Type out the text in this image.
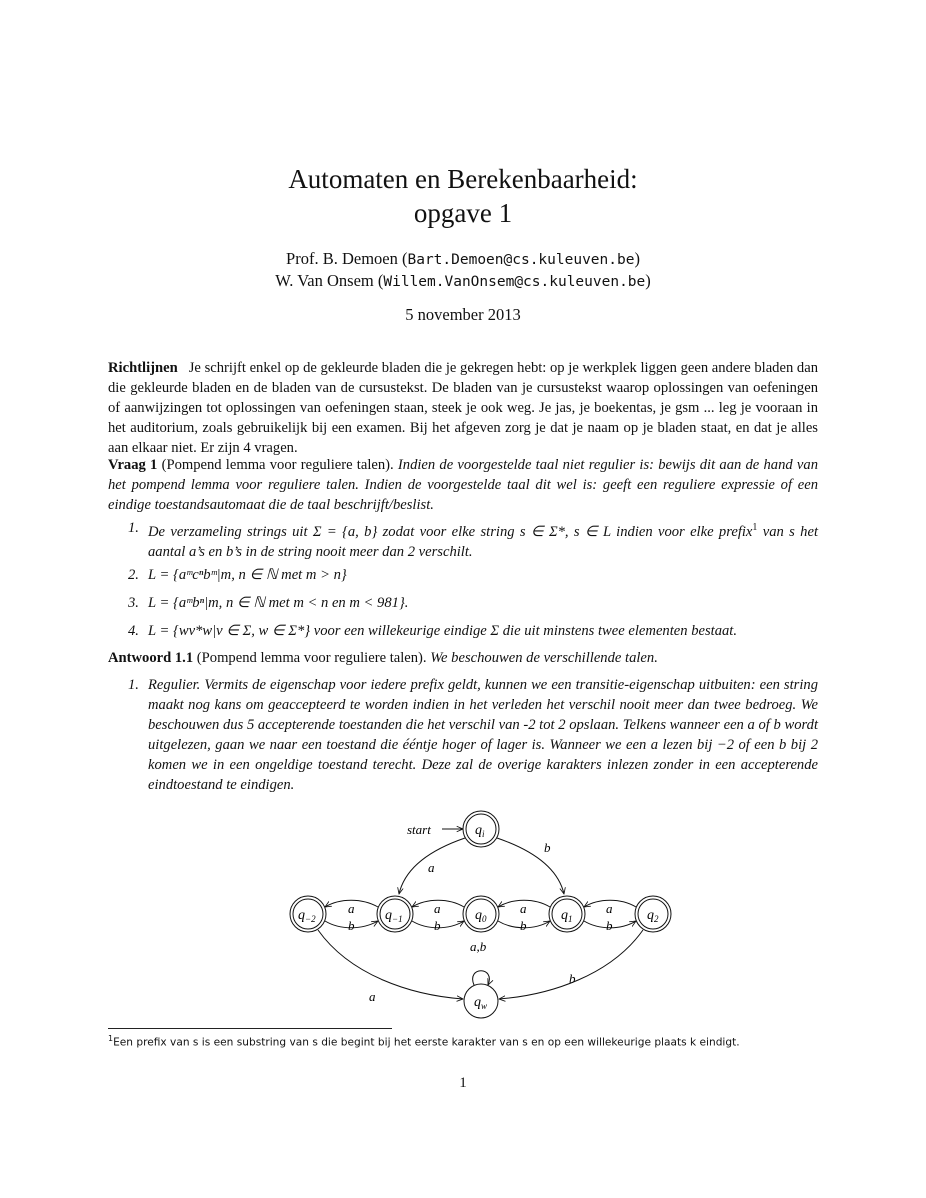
Automaten en Berekenbaarheid:
opgave 1
Prof. B. Demoen (Bart.Demoen@cs.kuleuven.be)
W. Van Onsem (Willem.VanOnsem@cs.kuleuven.be)
5 november 2013
Richtlijnen Je schrijft enkel op de gekleurde bladen die je gekregen hebt: op je werkplek liggen geen andere bladen dan die gekleurde bladen en de bladen van de cursustekst. De bladen van je cursustekst waarop oplossingen van oefeningen of aanwijzingen tot oplossingen van oefeningen staan, steek je ook weg. Je jas, je boekentas, je gsm ... leg je vooraan in het auditorium, zoals gebruikelijk bij een examen. Bij het afgeven zorg je dat je naam op je bladen staat, en dat je alles aan elkaar niet. Er zijn 4 vragen.
Vraag 1 (Pompend lemma voor reguliere talen). Indien de voorgestelde taal niet regulier is: bewijs dit aan de hand van het pompend lemma voor reguliere talen. Indien de voorgestelde taal dit wel is: geeft een reguliere expressie of een eindige toestandsautomaat die de taal beschrijft/beslist.
1. De verzameling strings uit Σ = {a, b} zodat voor elke string s ∈ Σ*, s ∈ L indien voor elke prefix$^1$ van s het aantal a’s en b’s in de string nooit meer dan 2 verschilt.
2. L = {aᵐcⁿbᵐ|m, n ∈ ℕ met m > n}
3. L = {aᵐbⁿ|m, n ∈ ℕ met m < n en m < 981}.
4. L = {wv*w|v ∈ Σ, w ∈ Σ*} voor een willekeurige eindige Σ die uit minstens twee elementen bestaat.
Antwoord 1.1 (Pompend lemma voor reguliere talen). We beschouwen de verschillende talen.
1. Regulier. Vermits de eigenschap voor iedere prefix geldt, kunnen we een transitie-eigenschap uitbuiten: een string maakt nog kans om geaccepteerd te worden indien in het verleden het verschil nooit meer dan twee bedroeg. We beschouwen dus 5 accepterende toestanden die het verschil van -2 tot 2 opslaan. Telkens wanneer een a of b wordt uitgelezen, gaan we naar een toestand die ééntje hoger of lager is. Wanneer we een a lezen bij −2 of een b bij 2 komen we in een ongeldige toestand terecht. Deze zal de overige karakters inlezen zonder in een accepterende eindtoestand te eindigen.
start	$q_i$
$q_{-2}$	$q_{-1}$	$q_0$	$q_1$	$q_2$
$q_w$
a
b
a
b
a
b
a
b
a
b
a,b
a
b
$^1$Een prefix van s is een substring van s die begint bij het eerste karakter van s en op een willekeurige plaats k eindigt.
1
